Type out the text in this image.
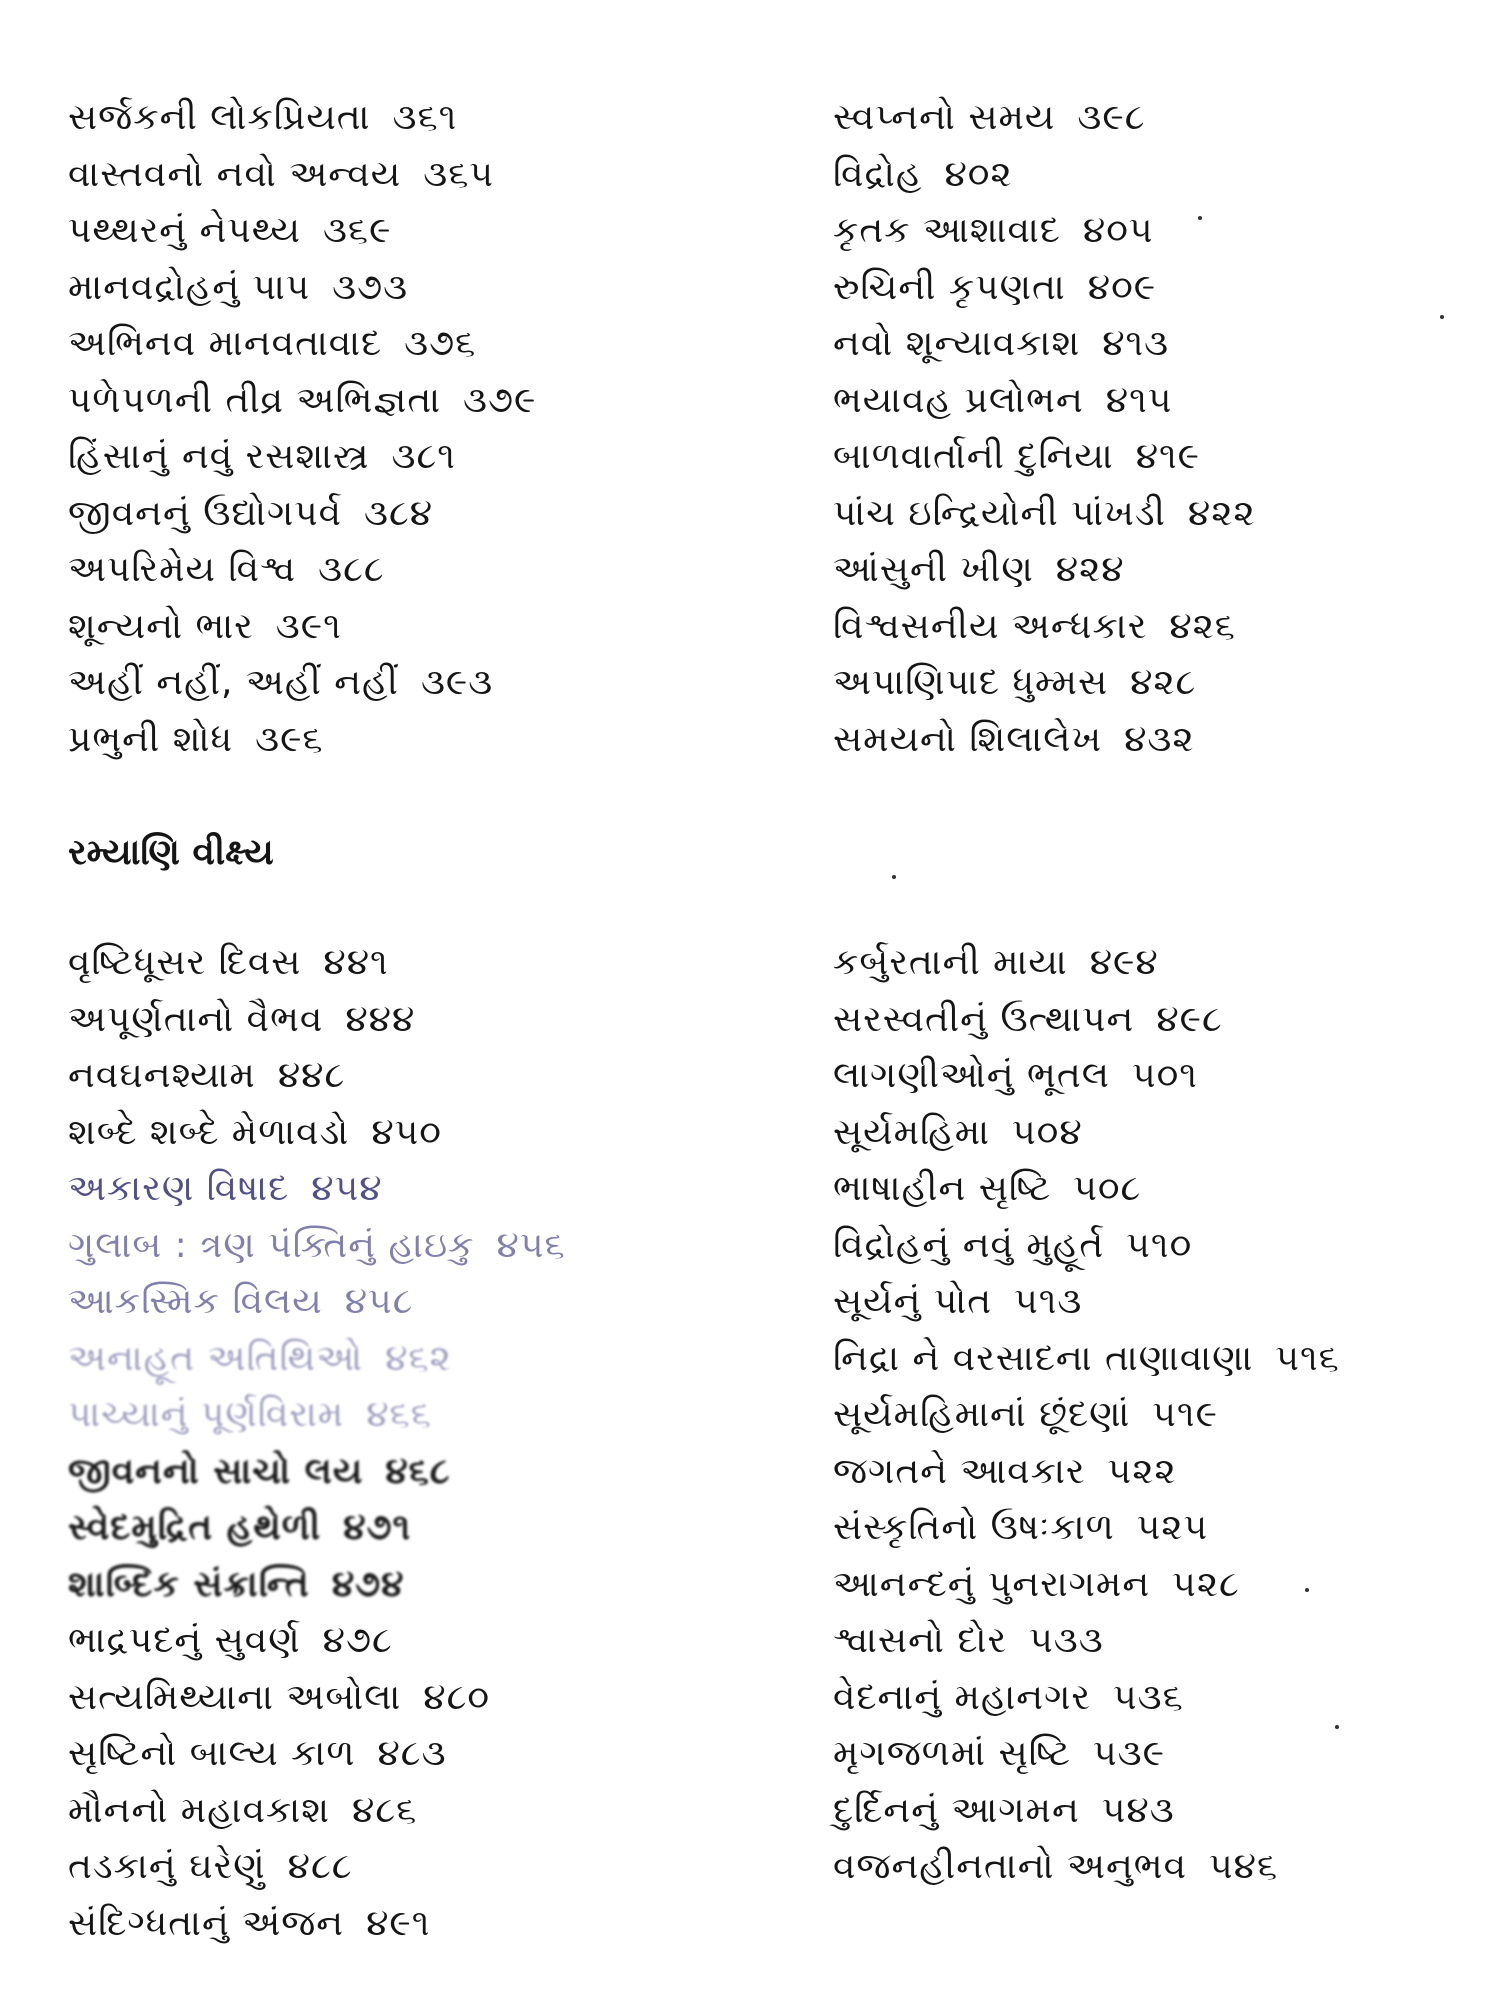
સર્જકની લોકપ્રિયતા ૩૬૧
વાસ્તવનો નવો અન્વય ૩૬૫
પથ્થરનું નેપથ્ય ૩૬૯
માનવદ્રોહનું પાપ ૩૭૩
અભિનવ માનવતાવાદ ૩૭૬
પળેપળની તીવ્ર અભિજ્ઞતા ૩૭૯
હિંસાનું નવું રસશાસ્ત્ર ૩૮૧
જીવનનું ઉદ્યોગપર્વ ૩૮૪
અપરિમેય વિશ્વ ૩૮૮
શૂન્યનો ભાર ૩૯૧
અહીં નહીં, અહીં નહીં ૩૯૩
પ્રભુની શોધ ૩૯૬
સ્વપ્નનો સમય ૩૯૮
વિદ્રોહ ૪૦૨
કૃતક આશાવાદ ૪૦૫
રુચિની કૃપણતા ૪૦૯
નવો શૂન્યાવકાશ ૪૧૩
ભયાવહ પ્રલોભન ૪૧૫
બાળવાર્તાની દુનિયા ૪૧૯
પાંચ ઇન્દ્રિયોની પાંખડી ૪૨૨
આંસુની ખીણ ૪૨૪
વિશ્વસનીય અન્ધકાર ૪૨૬
અપાણિપાદ ધુમ્મસ ૪૨૮
સમયનો શિલાલેખ ૪૩૨
રમ્યાણિ વીક્ષ્ય
વૃષ્ટિધૂસર દિવસ ૪૪૧
અપૂર્ણતાનો વૈભવ ૪૪૪
નવઘનશ્યામ ૪૪૮
શબ્દે શબ્દે મેળાવડો ૪૫૦
અકારણ વિષાદ ૪૫૪
ગુલાબ : ત્રણ પંક્તિનું હાઇકુ ૪૫૬
આકસ્મિક વિલય ૪૫૮
અનાહૂત અતિથિઓ ૪૬૨
પાચ્યાનું પૂર્ણવિરામ ૪૬૬
જીવનનો સાચો લય ૪૬૮
સ્વેદમુદ્રિત હથેળી ૪૭૧
શાબ્દિક સંક્રાન્તિ ૪૭૪
ભાદ્રપદનું સુવર્ણ ૪૭૮
સત્યમિથ્યાના અબોલા ૪૮૦
સૃષ્ટિનો બાલ્ય કાળ ૪૮૩
મૌનનો મહાવકાશ ૪૮૬
તડકાનું ઘરેણું ૪૮૮
સંદિગ્ધતાનું અંજન ૪૯૧
કર્બુરતાની માયા ૪૯૪
સરસ્વતીનું ઉત્થાપન ૪૯૮
લાગણીઓનું ભૂતલ ૫૦૧
સૂર્યમહિમા ૫૦૪
ભાષાહીન સૃષ્ટિ ૫૦૮
વિદ્રોહનું નવું મુહૂર્ત ૫૧૦
સૂર્યનું પોત ૫૧૩
નિદ્રા ને વરસાદના તાણાવાણા ૫૧૬
સૂર્યમહિમાનાં છૂંદણાં ૫૧૯
જગતને આવકાર ૫૨૨
સંસ્કૃતિનો ઉષઃકાળ ૫૨૫
આનન્દનું પુનરાગમન ૫૨૮
શ્વાસનો દોર ૫૩૩
વેદનાનું મહાનગર ૫૩૬
મૃગજળમાં સૃષ્ટિ ૫૩૯
દુર્દિનનું આગમન ૫૪૩
વજનહીનતાનો અનુભવ ૫૪૬
